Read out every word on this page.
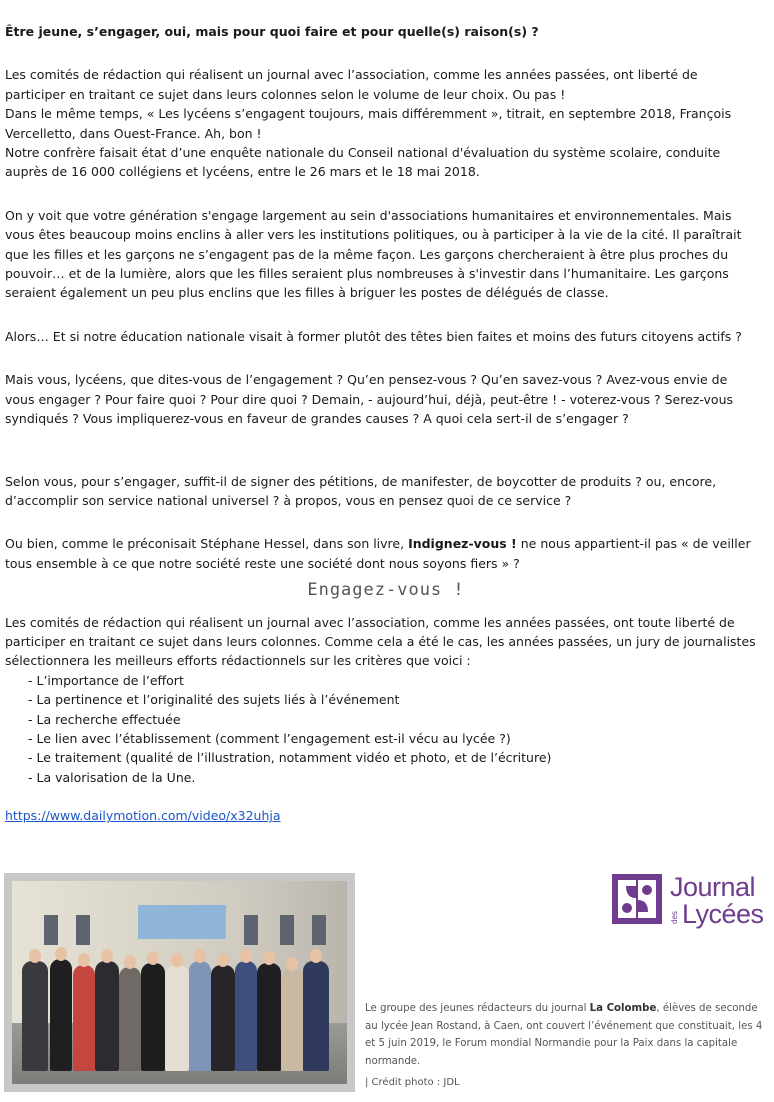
Être jeune, s’engager, oui, mais pour quoi faire et pour quelle(s) raison(s) ?

Les comités de rédaction qui réalisent un journal avec l’association, comme les années passées, ont liberté de

participer en traitant ce sujet dans leurs colonnes selon le volume de leur choix. Ou pas !

Dans le même temps, « Les lycéens s’engagent toujours, mais différemment », titrait, en septembre 2018, François

Vercelletto, dans Ouest-France. Ah, bon !

Notre confrère faisait état d’une enquête nationale du Conseil national d'évaluation du système scolaire, conduite

auprès de 16 000 collégiens et lycéens, entre le 26 mars et le 18 mai 2018.

On y voit que votre génération s'engage largement au sein d'associations humanitaires et environnementales. Mais

vous êtes beaucoup moins enclins à aller vers les institutions politiques, ou à participer à la vie de la cité. Il paraîtrait

que les filles et les garçons ne s’engagent pas de la même façon. Les garçons chercheraient à être plus proches du

pouvoir… et de la lumière, alors que les filles seraient plus nombreuses à s'investir dans l’humanitaire. Les garçons

seraient également un peu plus enclins que les filles à briguer les postes de délégués de classe.

Alors… Et si notre éducation nationale visait à former plutôt des têtes bien faites et moins des futurs citoyens actifs ?

Mais vous, lycéens, que dites-vous de l’engagement ? Qu’en pensez-vous ? Qu’en savez-vous ? Avez-vous envie de

vous engager ? Pour faire quoi ? Pour dire quoi ? Demain, - aujourd’hui, déjà, peut-être ! - voterez-vous ? Serez-vous

syndiqués ? Vous impliquerez-vous en faveur de grandes causes ? A quoi cela sert-il de s’engager ?

Selon vous, pour s’engager, suffit-il de signer des pétitions, de manifester, de boycotter de produits ? ou, encore,

d’accomplir son service national universel ? à propos, vous en pensez quoi de ce service ?

Ou bien, comme le préconisait Stéphane Hessel, dans son livre, Indignez-vous ! ne nous appartient-il pas « de veiller

tous ensemble à ce que notre société reste une société dont nous soyons fiers » ?

Engagez-vous !

Les comités de rédaction qui réalisent un journal avec l’association, comme les années passées, ont toute liberté de

participer en traitant ce sujet dans leurs colonnes. Comme cela a été le cas, les années passées, un jury de journalistes

sélectionnera les meilleurs efforts rédactionnels sur les critères que voici :

- L’importance de l’effort
- La pertinence et l’originalité des sujets liés à l’événement
- La recherche effectuée
- Le lien avec l’établissement (comment l’engagement est-il vécu au lycée ?)
- Le traitement (qualité de l’illustration, notamment vidéo et photo, et de l’écriture)
- La valorisation de la Une.

https://www.dailymotion.com/video/x32uhja

Journal
des Lycées
Le groupe des jeunes rédacteurs du journal La Colombe, élèves de seconde au lycée Jean Rostand, à Caen, ont couvert l’événement que constituait, les 4 et 5 juin 2019, le Forum mondial Normandie pour la Paix dans la capitale normande.
| Crédit photo : JDL
